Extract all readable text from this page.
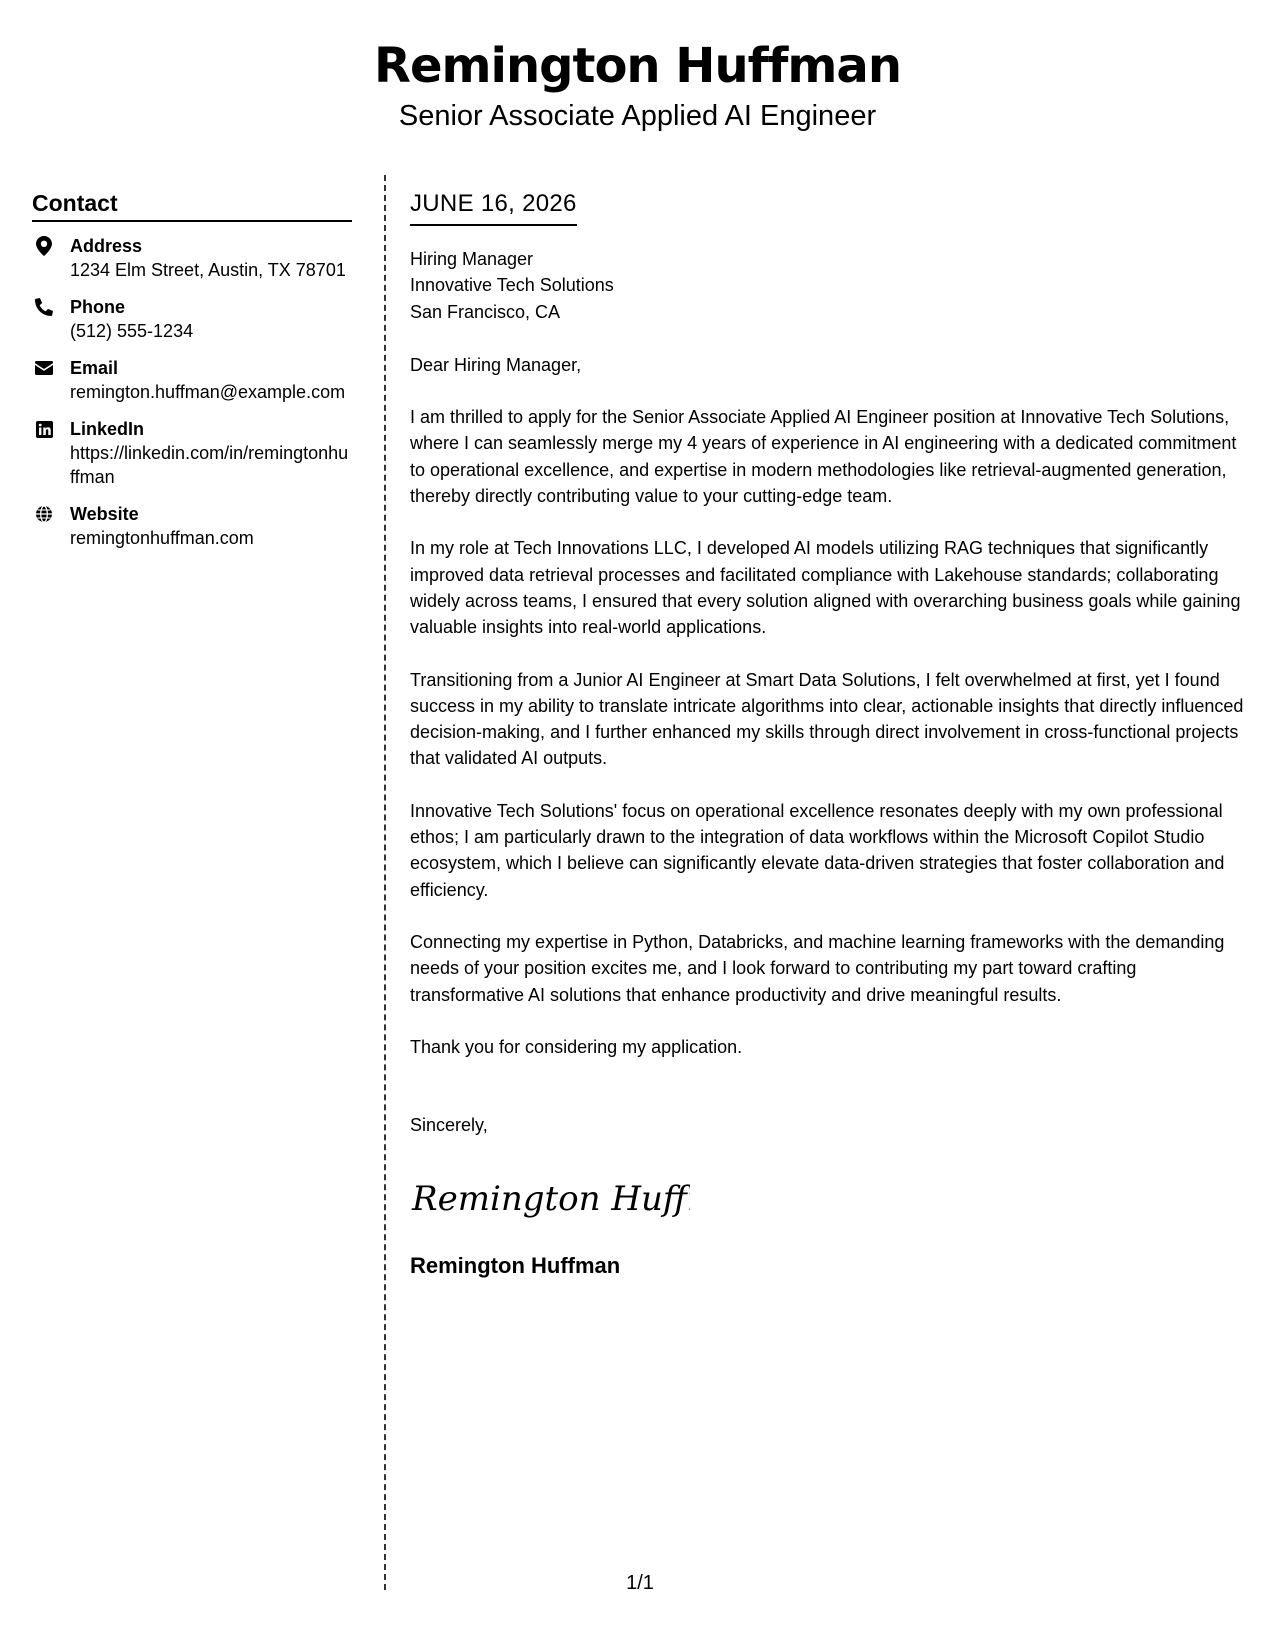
Remington Huffman
Senior Associate Applied AI Engineer
Contact
Address
1234 Elm Street, Austin, TX 78701
Phone
(512) 555-1234
Email
remington.huffman@example.com
LinkedIn
https://linkedin.com/in/remingtonhuffman
Website
remingtonhuffman.com
JUNE 16, 2026
Hiring Manager
Innovative Tech Solutions
San Francisco, CA
Dear Hiring Manager,

I am thrilled to apply for the Senior Associate Applied AI Engineer position at Innovative Tech Solutions, where I can seamlessly merge my 4 years of experience in AI engineering with a dedicated commitment to operational excellence, and expertise in modern methodologies like retrieval-augmented generation, thereby directly contributing value to your cutting-edge team.

In my role at Tech Innovations LLC, I developed AI models utilizing RAG techniques that significantly improved data retrieval processes and facilitated compliance with Lakehouse standards; collaborating widely across teams, I ensured that every solution aligned with overarching business goals while gaining valuable insights into real-world applications.

Transitioning from a Junior AI Engineer at Smart Data Solutions, I felt overwhelmed at first, yet I found success in my ability to translate intricate algorithms into clear, actionable insights that directly influenced decision-making, and I further enhanced my skills through direct involvement in cross-functional projects that validated AI outputs.

Innovative Tech Solutions' focus on operational excellence resonates deeply with my own professional ethos; I am particularly drawn to the integration of data workflows within the Microsoft Copilot Studio ecosystem, which I believe can significantly elevate data-driven strategies that foster collaboration and efficiency.

Connecting my expertise in Python, Databricks, and machine learning frameworks with the demanding needs of your position excites me, and I look forward to contributing my part toward crafting transformative AI solutions that enhance productivity and drive meaningful results.

Thank you for considering my application.
Sincerely,
Remington Huffm
Remington Huffman
1/1
